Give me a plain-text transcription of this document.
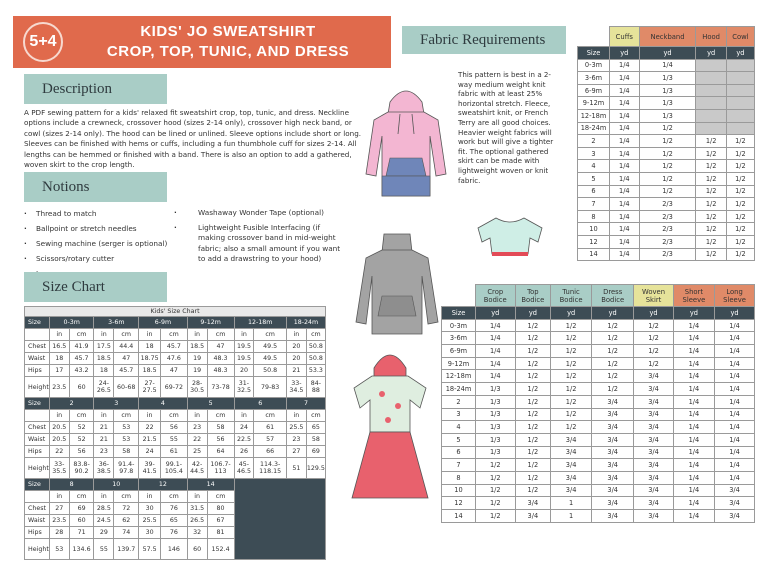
5+4
KIDS' JO SWEATSHIRT
CROP, TOP, TUNIC, AND DRESS
Description

A PDF sewing pattern for a kids' relaxed fit sweatshirt crop, top, tunic, and dress. Neckline options include a crewneck, crossover hood (sizes 2-14 only), crossover high neck band, or cowl (sizes 2-14 only). The hood can be lined or unlined. Sleeve options include short or long. Sleeves can be finished with hems or cuffs, including a fun thumbhole cuff for sizes 2-14. All lengths can be hemmed or finished with a band. There is also an option to add a gathered, woven skirt to the crop length.

Notions
· Thread to match
· Ballpoint or stretch needles
· Sewing machine (serger is optional)
· Scissors/rotary cutter
·
· Washaway Wonder Tape (optional)
· Lightweight Fusible Interfacing (if making crossover band in mid-weight fabric; also a small amount if you want to add a drawstring to your hood)
Size Chart
Kids' Size Chart												
Size	0-3m		3-6m		6-9m		9-12m		12-18m		18-24m	
	in	cm	in	cm	in	cm	in	cm	in	cm	in	cm
Chest	16.5	41.9	17.5	44.4	18	45.7	18.5	47	19.5	49.5	20	50.8
Waist	18	45.7	18.5	47	18.75	47.6	19	48.3	19.5	49.5	20	50.8
Hips	17	43.2	18	45.7	18.5	47	19	48.3	20	50.8	21	53.3
Height	23.5	60	24-26.5	60-68	27-27.5	69-72	28-30.5	73-78	31-32.5	79-83	33-34.5	84-88
Size	2		3		4		5		6		7	
	in	cm	in	cm	in	cm	in	cm	in	cm	in	cm
Chest	20.5	52	21	53	22	56	23	58	24	61	25.5	65
Waist	20.5	52	21	53	21.5	55	22	56	22.5	57	23	58
Hips	22	56	23	58	24	61	25	64	26	66	27	69
Height	33-35.5	83.8-90.2	36-38.5	91.4-97.8	39-41.5	99.1-105.4	42-44.5	106.7-113	45-46.5	114.3-118.15	51	129.5
Size	8		10		12		14					
	in	cm	in	cm	in	cm	in	cm				
Chest	27	69	28.5	72	30	76	31.5	80				
Waist	23.5	60	24.5	62	25.5	65	26.5	67				
Hips	28	71	29	74	30	76	32	81				
Height	53	134.6	55	139.7	57.5	146	60	152.4				
Fabric Requirements

This pattern is best in a 2-way medium weight knit fabric with at least 25% horizontal stretch. Fleece, sweatshirt knit, or French Terry are all good choices. Heavier weight fabrics will work but will give a tighter fit. The optional gathered skirt can be made with lightweight woven or knit fabric.

	Cuffs	Neckband	Hood	Cowl
Size	yd	yd	yd	yd
0-3m	1/4	1/4		
3-6m	1/4	1/3		
6-9m	1/4	1/3		
9-12m	1/4	1/3		
12-18m	1/4	1/3		
18-24m	1/4	1/2		
2	1/4	1/2	1/2	1/2
3	1/4	1/2	1/2	1/2
4	1/4	1/2	1/2	1/2
5	1/4	1/2	1/2	1/2
6	1/4	1/2	1/2	1/2
7	1/4	2/3	1/2	1/2
8	1/4	2/3	1/2	1/2
10	1/4	2/3	1/2	1/2
12	1/4	2/3	1/2	1/2
14	1/4	2/3	1/2	1/2
	Crop Bodice	Top Bodice	Tunic Bodice	Dress Bodice	Woven Skirt	Short Sleeve	Long Sleeve
Size	yd	yd	yd	yd	yd	yd	yd
0-3m	1/4	1/2	1/2	1/2	1/2	1/4	1/4
3-6m	1/4	1/2	1/2	1/2	1/2	1/4	1/4
6-9m	1/4	1/2	1/2	1/2	1/2	1/4	1/4
9-12m	1/4	1/2	1/2	1/2	1/2	1/4	1/4
12-18m	1/4	1/2	1/2	1/2	3/4	1/4	1/4
18-24m	1/3	1/2	1/2	1/2	3/4	1/4	1/4
2	1/3	1/2	1/2	3/4	3/4	1/4	1/4
3	1/3	1/2	1/2	3/4	3/4	1/4	1/4
4	1/3	1/2	1/2	3/4	3/4	1/4	1/4
5	1/3	1/2	3/4	3/4	3/4	1/4	1/4
6	1/3	1/2	3/4	3/4	3/4	1/4	1/4
7	1/2	1/2	3/4	3/4	3/4	1/4	1/4
8	1/2	1/2	3/4	3/4	3/4	1/4	1/4
10	1/2	1/2	3/4	3/4	3/4	1/4	3/4
12	1/2	3/4	1	3/4	3/4	1/4	3/4
14	1/2	3/4	1	3/4	3/4	1/4	3/4
